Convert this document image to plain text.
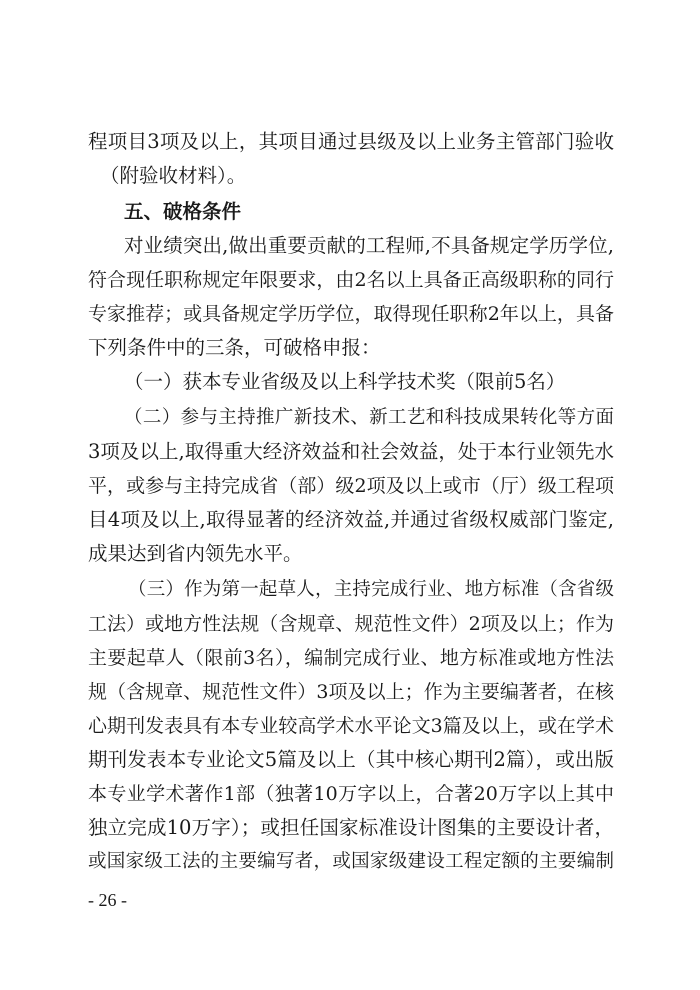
程项目3项及以上，其项目通过县级及以上业务主管部门验收
（附验收材料）。
五、破格条件
对业绩突出,做出重要贡献的工程师,不具备规定学历学位,
符合现任职称规定年限要求，由2名以上具备正高级职称的同行
专家推荐；或具备规定学历学位，取得现任职称2年以上，具备
下列条件中的三条，可破格申报：
（一）获本专业省级及以上科学技术奖（限前5名）
（二）参与主持推广新技术、新工艺和科技成果转化等方面
3项及以上,取得重大经济效益和社会效益，处于本行业领先水
平，或参与主持完成省（部）级2项及以上或市（厅）级工程项
目4项及以上,取得显著的经济效益,并通过省级权威部门鉴定,
成果达到省内领先水平。
（三）作为第一起草人，主持完成行业、地方标准（含省级
工法）或地方性法规（含规章、规范性文件）2项及以上；作为
主要起草人（限前3名），编制完成行业、地方标准或地方性法
规（含规章、规范性文件）3项及以上；作为主要编著者，在核
心期刊发表具有本专业较高学术水平论文3篇及以上，或在学术
期刊发表本专业论文5篇及以上（其中核心期刊2篇），或出版
本专业学术著作1部（独著10万字以上，合著20万字以上其中
独立完成10万字）；或担任国家标准设计图集的主要设计者，
或国家级工法的主要编写者，或国家级建设工程定额的主要编制
- 26 -
